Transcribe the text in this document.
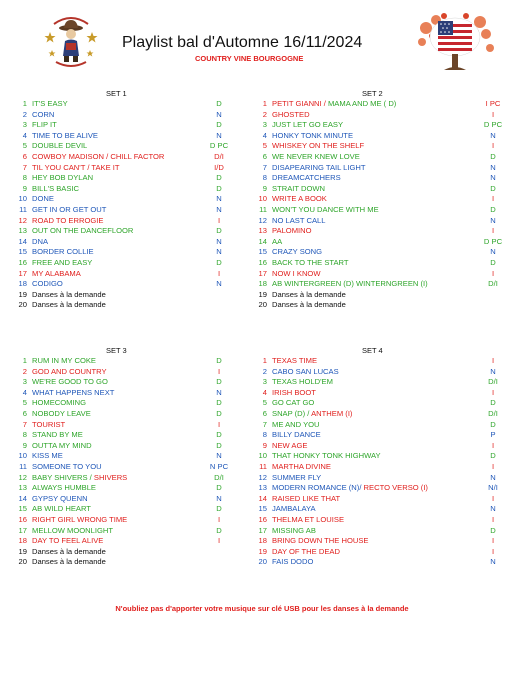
Playlist bal d'Automne 16/11/2024
COUNTRY VINE BOURGOGNE
SET 1
1 IT'S EASY	D
2 CORN	N
3 FLIP IT	D
4 TIME TO BE ALIVE	N
5 DOUBLE DEVIL	D PC
6 COWBOY MADISON / CHILL FACTOR	D/I
7 TIL YOU CAN'T / TAKE IT	I/D
8 HEY BOB DYLAN	D
9 BILL'S BASIC	D
10 DONE	N
11 GET IN OR GET OUT	N
12 ROAD TO ERROGIE	I
13 OUT ON THE DANCEFLOOR	D
14 DNA	N
15 BORDER COLLIE	N
16 FREE AND EASY	D
17 MY ALABAMA	I
18 CODIGO	N
19 Danses à la demande
20 Danses à la demande
SET 2
1 PETIT GIANNI / MAMA AND ME ( D)	I PC
2 GHOSTED	I
3 JUST LET GO EASY	D PC
4 HONKY TONK MINUTE	N
5 WHISKEY ON THE SHELF	I
6 WE NEVER KNEW LOVE	D
7 DISAPEARING TAIL LIGHT	N
8 DREAMCATCHERS	N
9 STRAIT DOWN	D
10 WRITE A BOOK	I
11 WON'T YOU DANCE WITH ME	D
12 NO LAST CALL	N
13 PALOMINO	I
14 AA	D PC
15 CRAZY SONG	N
16 BACK TO THE START	D
17 NOW I KNOW	I
18 AB WINTERGREEN (D) WINTERNGREEN (I)	D/I
19 Danses à la demande
20 Danses à la demande
SET 3
1 RUM IN MY COKE	D
2 GOD AND COUNTRY	I
3 WE'RE GOOD TO GO	D
4 WHAT HAPPENS NEXT	N
5 HOMECOMING	D
6 NOBODY LEAVE	D
7 TOURIST	I
8 STAND BY ME	D
9 OUTTA MY MIND	D
10 KISS ME	N
11 SOMEONE TO YOU	N PC
12 BABY SHIVERS / SHIVERS	D/I
13 ALWAYS HUMBLE	D
14 GYPSY QUENN	N
15 AB WILD HEART	D
16 RIGHT GIRL WRONG TIME	I
17 MELLOW MOONLIGHT	D
18 DAY TO FEEL ALIVE	I
19 Danses à la demande
20 Danses à la demande
SET 4
1 TEXAS TIME	I
2 CABO SAN LUCAS	N
3 TEXAS HOLD'EM	D/I
4 IRISH BOOT	I
5 GO CAT GO	D
6 SNAP (D) / ANTHEM (I)	D/I
7 ME AND YOU	D
8 BILLY DANCE	P
9 NEW AGE	I
10 THAT HONKY TONK HIGHWAY	D
11 MARTHA DIVINE	I
12 SUMMER FLY	N
13 MODERN ROMANCE (N)/ RECTO VERSO (I)	N/I
14 RAISED LIKE THAT	I
15 JAMBALAYA	N
16 THELMA ET LOUISE	I
17 MISSING AB	D
18 BRING DOWN THE HOUSE	I
19 DAY OF THE DEAD	I
20 FAIS DODO	N
N'oubliez pas d'apporter votre musique sur clé USB pour les danses à la demande
